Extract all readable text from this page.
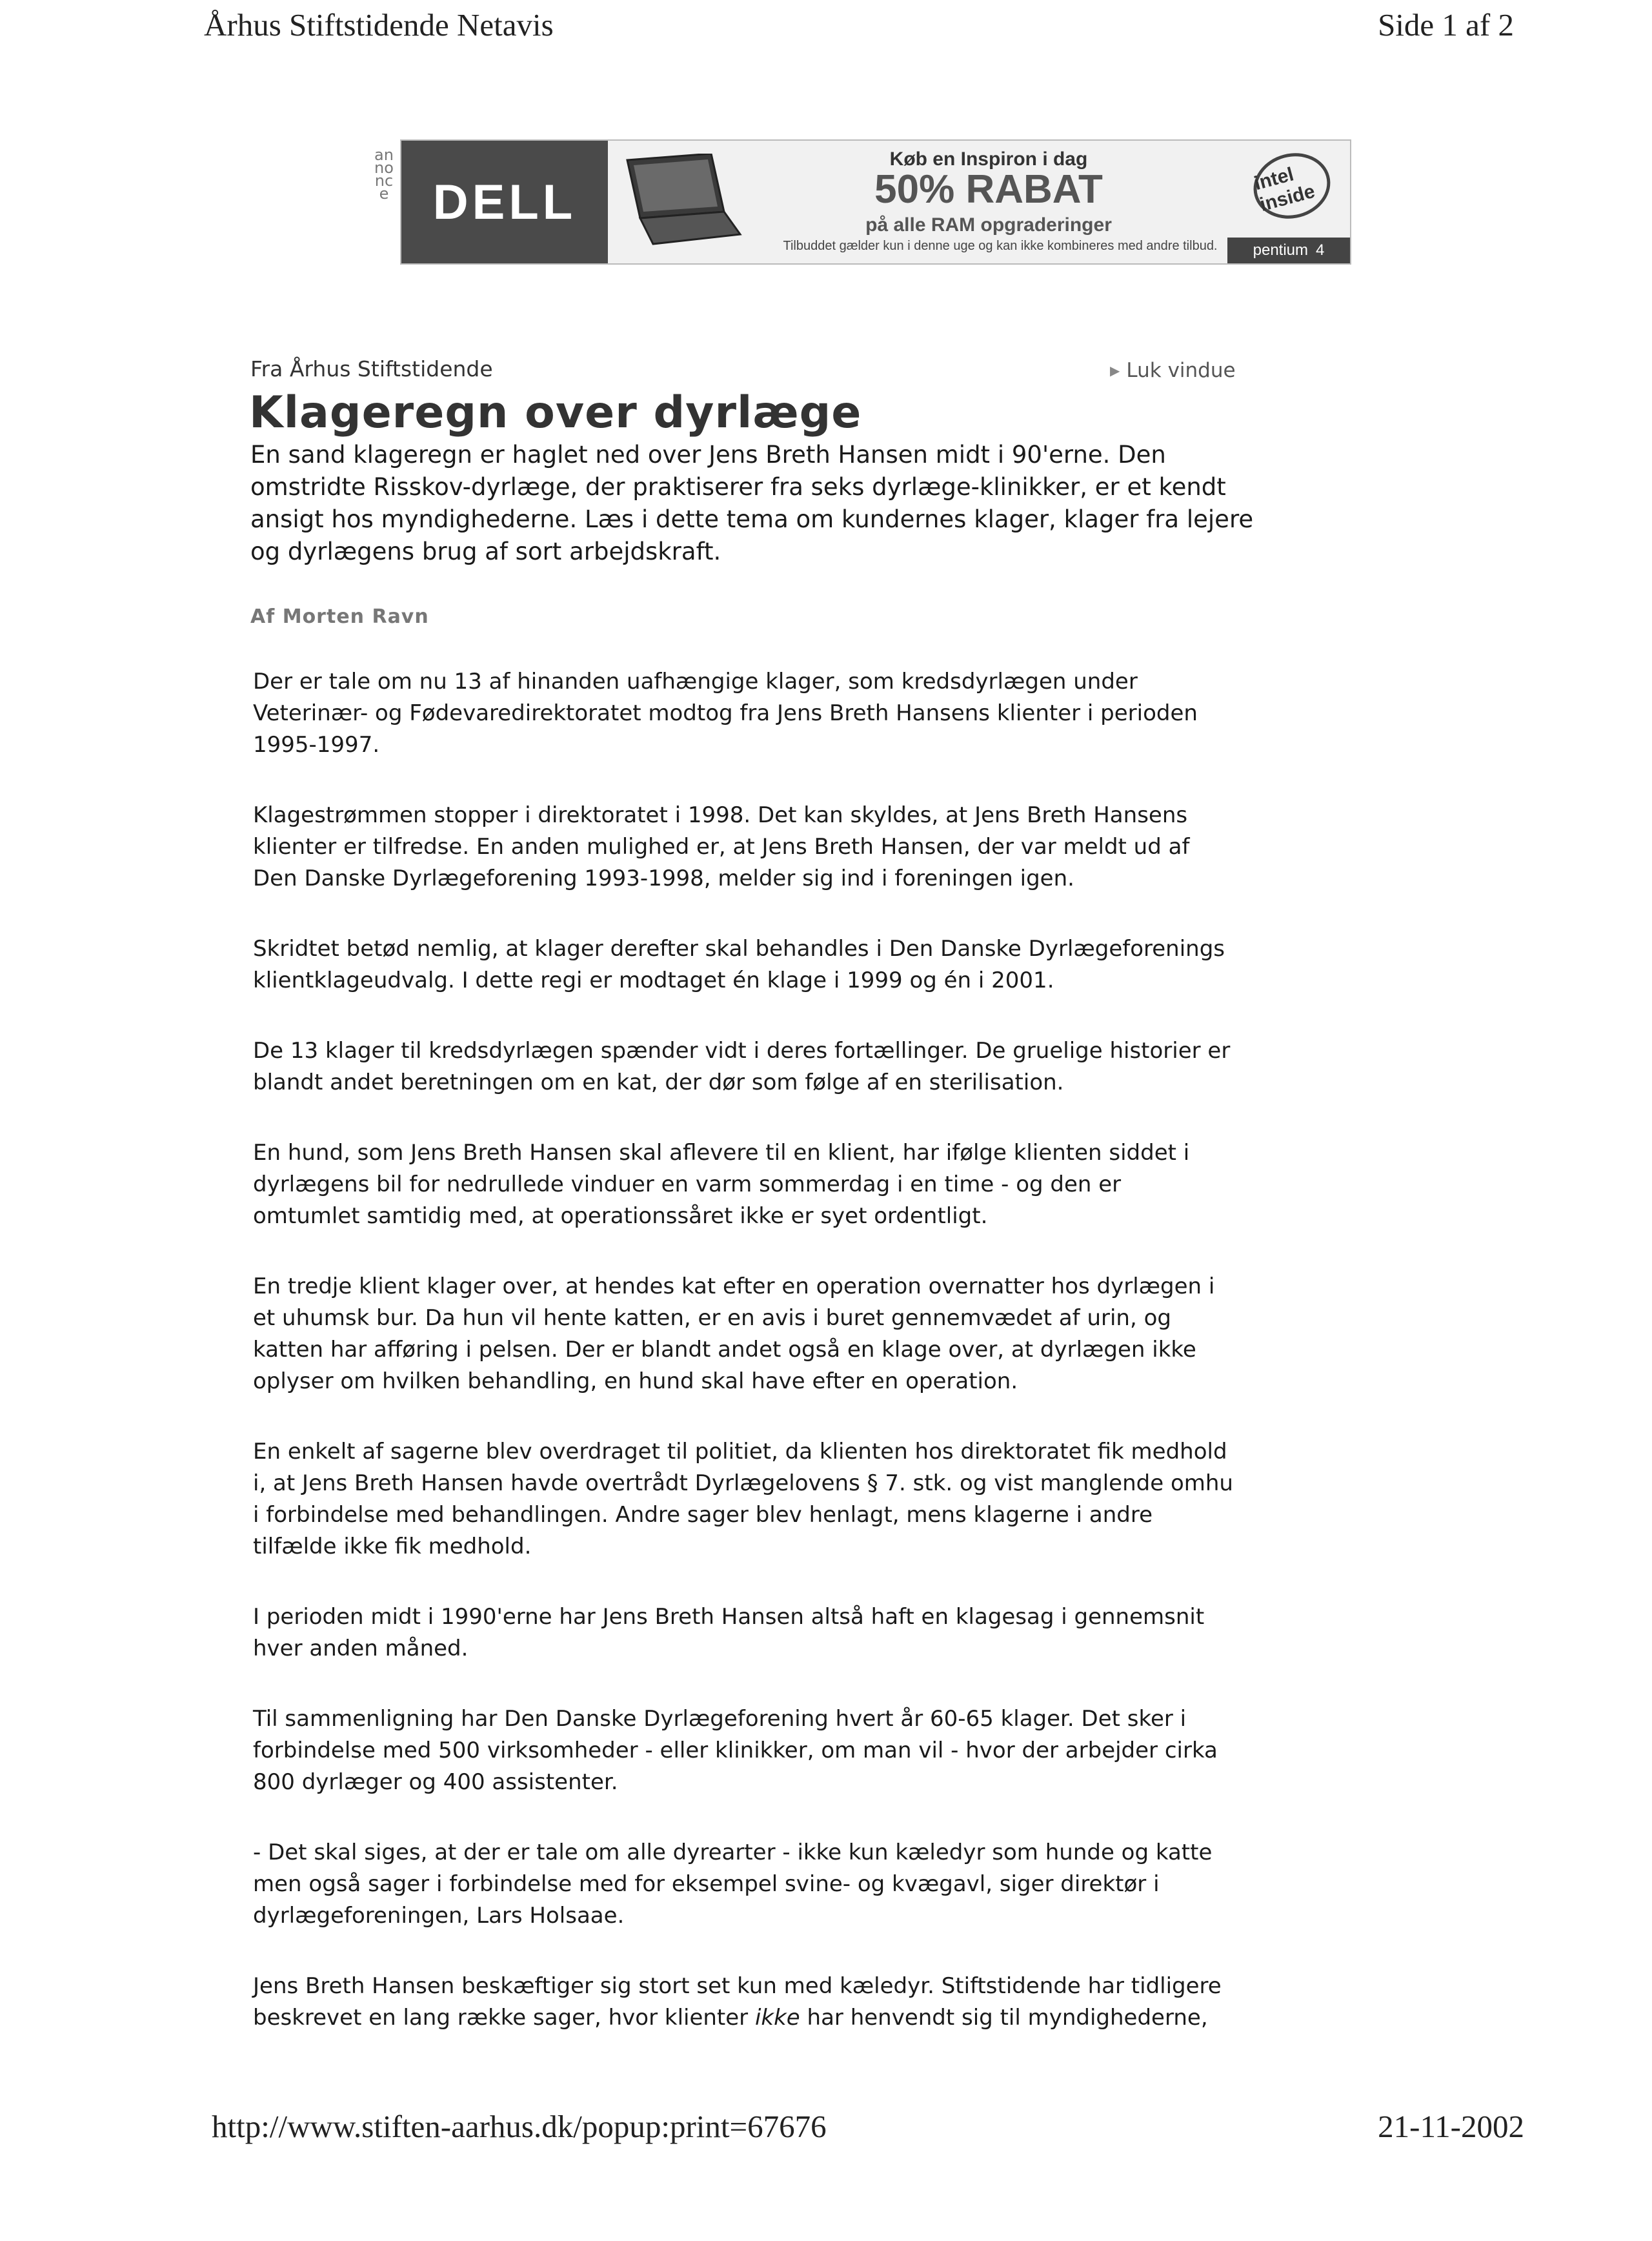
Århus Stiftstidende Netavis	Side 1 af 2
annonce DELL
Køb en Inspiron i dag
50% RABAT
på alle RAM opgraderinger
Tilbuddet gælder kun i denne uge og kan ikke kombineres med andre tilbud.
intel inside
pentium 4
Fra Århus Stiftstidende	▶ Luk vindue
Klageregn over dyrlæge

En sand klageregn er haglet ned over Jens Breth Hansen midt i 90'erne. Den omstridte Risskov-dyrlæge, der praktiserer fra seks dyrlæge-klinikker, er et kendt ansigt hos myndighederne. Læs i dette tema om kundernes klager, klager fra lejere og dyrlægens brug af sort arbejdskraft.

Af Morten Ravn

Der er tale om nu 13 af hinanden uafhængige klager, som kredsdyrlægen under Veterinær- og Fødevaredirektoratet modtog fra Jens Breth Hansens klienter i perioden 1995-1997.

Klagestrømmen stopper i direktoratet i 1998. Det kan skyldes, at Jens Breth Hansens klienter er tilfredse. En anden mulighed er, at Jens Breth Hansen, der var meldt ud af Den Danske Dyrlægeforening 1993-1998, melder sig ind i foreningen igen.

Skridtet betød nemlig, at klager derefter skal behandles i Den Danske Dyrlægeforenings klientklageudvalg. I dette regi er modtaget én klage i 1999 og én i 2001.

De 13 klager til kredsdyrlægen spænder vidt i deres fortællinger. De gruelige historier er blandt andet beretningen om en kat, der dør som følge af en sterilisation.

En hund, som Jens Breth Hansen skal aflevere til en klient, har ifølge klienten siddet i dyrlægens bil for nedrullede vinduer en varm sommerdag i en time - og den er omtumlet samtidig med, at operationssåret ikke er syet ordentligt.

En tredje klient klager over, at hendes kat efter en operation overnatter hos dyrlægen i et uhumsk bur. Da hun vil hente katten, er en avis i buret gennemvædet af urin, og katten har afføring i pelsen. Der er blandt andet også en klage over, at dyrlægen ikke oplyser om hvilken behandling, en hund skal have efter en operation.

En enkelt af sagerne blev overdraget til politiet, da klienten hos direktoratet fik medhold i, at Jens Breth Hansen havde overtrådt Dyrlægelovens § 7. stk. og vist manglende omhu i forbindelse med behandlingen. Andre sager blev henlagt, mens klagerne i andre tilfælde ikke fik medhold.

I perioden midt i 1990'erne har Jens Breth Hansen altså haft en klagesag i gennemsnit hver anden måned.

Til sammenligning har Den Danske Dyrlægeforening hvert år 60-65 klager. Det sker i forbindelse med 500 virksomheder - eller klinikker, om man vil - hvor der arbejder cirka 800 dyrlæger og 400 assistenter.

- Det skal siges, at der er tale om alle dyrearter - ikke kun kæledyr som hunde og katte men også sager i forbindelse med for eksempel svine- og kvægavl, siger direktør i dyrlægeforeningen, Lars Holsaae.

Jens Breth Hansen beskæftiger sig stort set kun med kæledyr. Stiftstidende har tidligere beskrevet en lang række sager, hvor klienter ikke har henvendt sig til myndighederne,

http://www.stiften-aarhus.dk/popup:print=67676	21-11-2002
